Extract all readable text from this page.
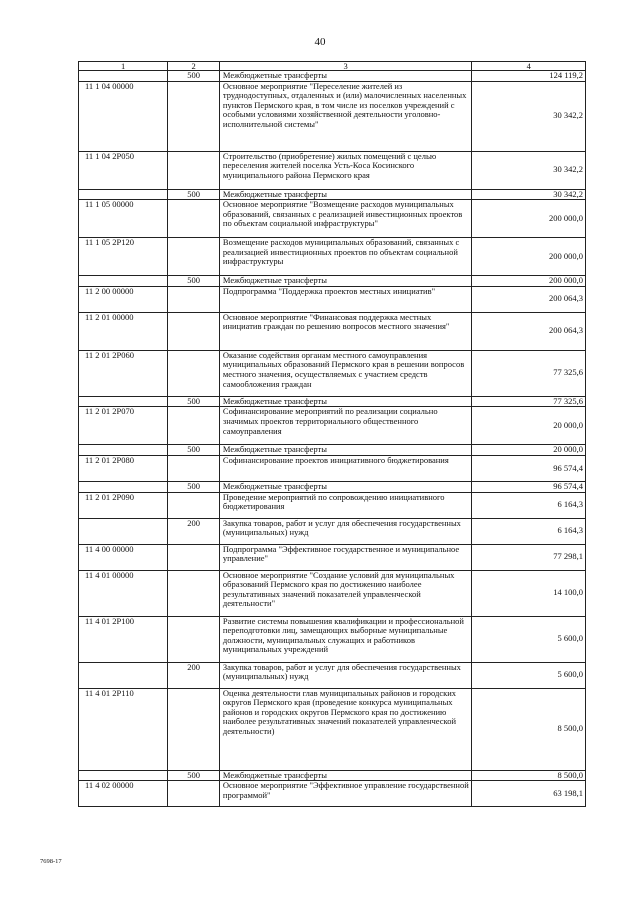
40
1	2	3	4
	500	Межбюджетные трансферты	124 119,2
11 1 04 00000		Основное мероприятие "Переселение жителей из труднодоступных, отдаленных и (или) малочисленных населенных пунктов Пермского края, в том числе из поселков учреждений с особыми условиями хозяйственной деятельности уголовно-исполнительной системы"	30 342,2
11 1 04 2Р050		Строительство (приобретение) жилых помещений с целью переселения жителей поселка Усть-Коса Косинского муниципального района Пермского края	30 342,2
	500	Межбюджетные трансферты	30 342,2
11 1 05 00000		Основное мероприятие "Возмещение расходов муниципальных образований, связанных с реализацией инвестиционных проектов по объектам социальной инфраструктуры"	200 000,0
11 1 05 2Р120		Возмещение расходов муниципальных образований, связанных с реализацией инвестиционных проектов по объектам социальной инфраструктуры	200 000,0
	500	Межбюджетные трансферты	200 000,0
11 2 00 00000		Подпрограмма "Поддержка проектов местных инициатив"	200 064,3
11 2 01 00000		Основное мероприятие "Финансовая поддержка местных инициатив граждан по решению вопросов местного значения"	200 064,3
11 2 01 2Р060		Оказание содействия органам местного самоуправления муниципальных образований Пермского края в решении вопросов местного значения, осуществляемых с участием средств самообложения граждан	77 325,6
	500	Межбюджетные трансферты	77 325,6
11 2 01 2Р070		Софинансирование мероприятий по реализации социально значимых проектов территориального общественного самоуправления	20 000,0
	500	Межбюджетные трансферты	20 000,0
11 2 01 2Р080		Софинансирование проектов инициативного бюджетирования	96 574,4
	500	Межбюджетные трансферты	96 574,4
11 2 01 2Р090		Проведение мероприятий по сопровождению инициативного бюджетирования	6 164,3
	200	Закупка товаров, работ и услуг для обеспечения государственных (муниципальных) нужд	6 164,3
11 4 00 00000		Подпрограмма "Эффективное государственное и муниципальное управление"	77 298,1
11 4 01 00000		Основное мероприятие "Создание условий для муниципальных образований Пермского края по достижению наиболее результативных значений показателей управленческой деятельности"	14 100,0
11 4 01 2Р100		Развитие системы повышения квалификации и профессиональной переподготовки лиц, замещающих выборные муниципальные должности, муниципальных служащих и работников муниципальных учреждений	5 600,0
	200	Закупка товаров, работ и услуг для обеспечения государственных (муниципальных) нужд	5 600,0
11 4 01 2Р110		Оценка деятельности глав муниципальных районов и городских округов Пермского края (проведение конкурса муниципальных районов и городских округов Пермского края по достижению наиболее результативных значений показателей управленческой деятельности)	8 500,0
	500	Межбюджетные трансферты	8 500,0
11 4 02 00000		Основное мероприятие "Эффективное управление государственной программой"	63 198,1
7698-17
